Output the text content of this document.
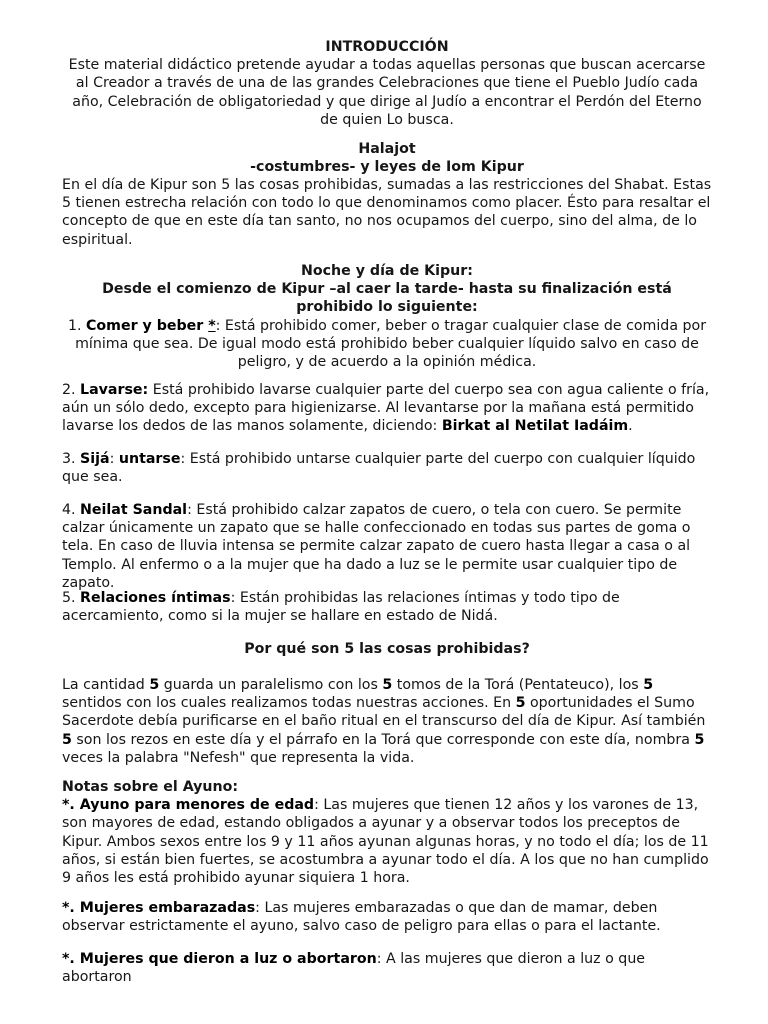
INTRODUCCIÓN

Este material didáctico pretende ayudar a todas aquellas personas que buscan acercarse al Creador a través de una de las grandes Celebraciones que tiene el Pueblo Judío cada año, Celebración de obligatoriedad y que dirige al Judío a encontrar el Perdón del Eterno de quien Lo busca.

Halajot

-costumbres- y leyes de Iom Kipur

En el día de Kipur son 5 las cosas prohibidas, sumadas a las restricciones del Shabat. Estas 5 tienen estrecha relación con todo lo que denominamos como placer. Ésto para resaltar el concepto de que en este día tan santo, no nos ocupamos del cuerpo, sino del alma, de lo espiritual.

Noche y día de Kipur:

Desde el comienzo de Kipur –al caer la tarde- hasta su finalización está prohibido lo siguiente:

1. Comer y beber *: Está prohibido comer, beber o tragar cualquier clase de comida por mínima que sea. De igual modo está prohibido beber cualquier líquido salvo en caso de peligro, y de acuerdo a la opinión médica.

2. Lavarse: Está prohibido lavarse cualquier parte del cuerpo sea con agua caliente o fría, aún un sólo dedo, excepto para higienizarse. Al levantarse por la mañana está permitido lavarse los dedos de las manos solamente, diciendo: Birkat al Netilat Iadáim.

3. Sijá: untarse: Está prohibido untarse cualquier parte del cuerpo con cualquier líquido que sea.

4. Neilat Sandal: Está prohibido calzar zapatos de cuero, o tela con cuero. Se permite calzar únicamente un zapato que se halle confeccionado en todas sus partes de goma o tela. En caso de lluvia intensa se permite calzar zapato de cuero hasta llegar a casa o al Templo. Al enfermo o a la mujer que ha dado a luz se le permite usar cualquier tipo de zapato.

5. Relaciones íntimas: Están prohibidas las relaciones íntimas y todo tipo de acercamiento, como si la mujer se hallare en estado de Nidá.

Por qué son 5 las cosas prohibidas?

La cantidad 5 guarda un paralelismo con los 5 tomos de la Torá (Pentateuco), los 5 sentidos con los cuales realizamos todas nuestras acciones. En 5 oportunidades el Sumo Sacerdote debía purificarse en el baño ritual en el transcurso del día de Kipur. Así también 5 son los rezos en este día y el párrafo en la Torá que corresponde con este día, nombra 5 veces la palabra "Nefesh" que representa la vida.

Notas sobre el Ayuno:

*. Ayuno para menores de edad: Las mujeres que tienen 12 años y los varones de 13, son mayores de edad, estando obligados a ayunar y a observar todos los preceptos de Kipur. Ambos sexos entre los 9 y 11 años ayunan algunas horas, y no todo el día; los de 11 años, si están bien fuertes, se acostumbra a ayunar todo el día. A los que no han cumplido 9 años les está prohibido ayunar siquiera 1 hora.

*. Mujeres embarazadas: Las mujeres embarazadas o que dan de mamar, deben observar estrictamente el ayuno, salvo caso de peligro para ellas o para el lactante.

*. Mujeres que dieron a luz o abortaron: A las mujeres que dieron a luz o que abortaron
